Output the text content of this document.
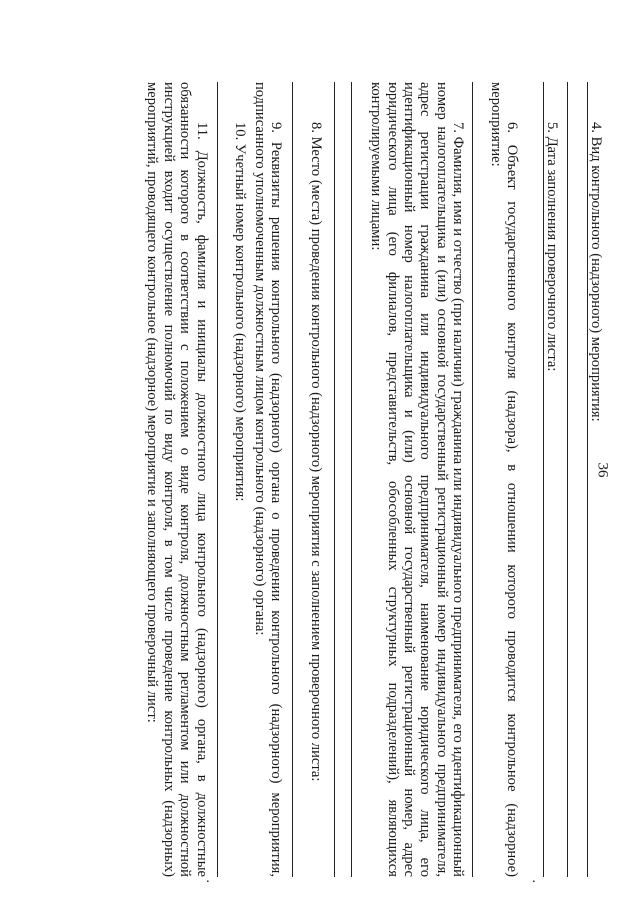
36
4. Вид контрольного (надзорного) мероприятия:
5. Дата заполнения проверочного листа:
.

6. Объект государственного контроля (надзора), в отношении которого проводится контрольное (надзорное) мероприятие:

7. Фамилия, имя и отчество (при наличии) гражданина или индивидуального предпринимателя, его идентификационный номер налогоплательщика и (или) основной государственный регистрационный номер индивидуального предпринимателя, адрес регистрации гражданина или индивидуального предпринимателя, наименование юридического лица, его идентификационный номер налогоплательщика и (или) основной государственный регистрационный номер, адрес юридического лица (его филиалов, представительств, обособленных структурных подразделений), являющихся контролируемыми лицами:

8. Место (места) проведения контрольного (надзорного) мероприятия с заполнением проверочного листа:

9. Реквизиты решения контрольного (надзорного) органа о проведении контрольного (надзорного) мероприятия, подписанного уполномоченным должностным лицом контрольного (надзорного) органа:

10. Учетный номер контрольного (надзорного) мероприятия:
.

11. Должность, фамилия и инициалы должностного лица контрольного (надзорного) органа, в должностные обязанности которого в соответствии с положением о виде контроля, должностным регламентом или должностной инструкцией входит осуществление полномочий по виду контроля, в том числе проведение контрольных (надзорных) мероприятий, проводящего контрольное (надзорное) мероприятие и заполняющего проверочный лист:
